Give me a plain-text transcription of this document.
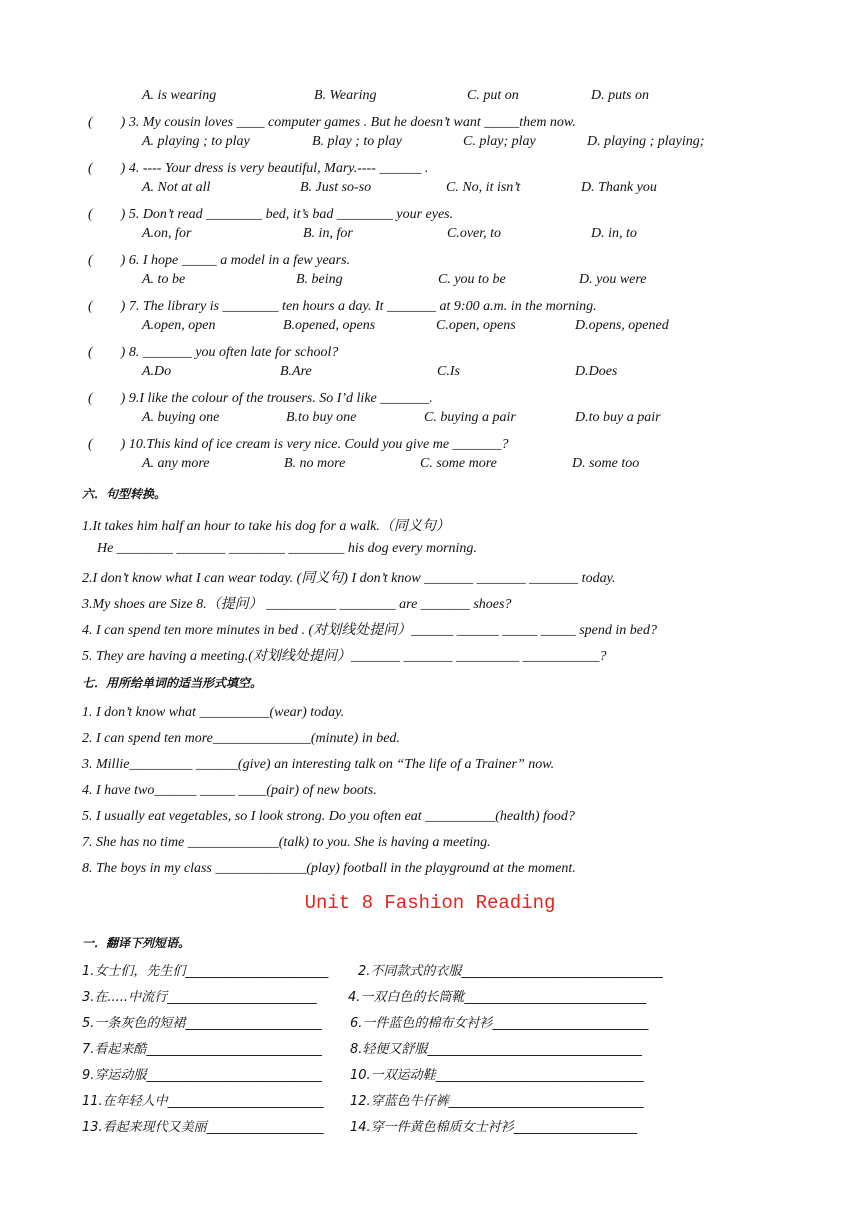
A. is wearing	B. Wearing	C. put on	D. puts on
(　　) 3. My cousin loves ____ computer games . But he doesn’t want _____them now.
A. playing ; to play	B. play ; to play	C. play; play	D. playing ; playing;
(　　) 4. ---- Your dress is very beautiful, Mary.---- ______ .
A. Not at all	B. Just so-so	C. No, it isn’t	D. Thank you
(　　) 5. Don’t read ________ bed, it’s bad ________ your eyes.
A.on, for	B. in, for	C.over, to	D. in, to
(　　) 6. I hope _____ a model in a few years.
A. to be	B. being	C. you to be	D. you were
(　　) 7. The library is ________ ten hours a day. It _______ at 9:00 a.m. in the morning.
A.open, open	B.opened, opens	C.open, opens	D.opens, opened
(　　) 8. _______ you often late for school?
A.Do	B.Are	C.Is	D.Does
(　　) 9.I like the colour of the trousers. So I’d like _______.
A. buying one	B.to buy one	C. buying a pair	D.to buy a pair
(　　) 10.This kind of ice cream is very nice. Could you give me _______?
A. any more	B. no more	C. some more	D. some too
六．句型转换。
1.It takes him half an hour to take his dog for a walk.（同义句）
He ________ _______ ________ ________ his dog every morning.
2.I don’t know what I can wear today. (同义句) I don’t know _______ _______ _______ today.
3.My shoes are Size 8.（提问） __________ ________ are _______ shoes?
4. I can spend ten more minutes in bed . (对划线处提问）______ ______ _____ _____ spend in bed?
5. They are having a meeting.(对划线处提问）_______ _______ _________ ___________?
七．用所给单词的适当形式填空。
1. I don’t know what __________(wear) today.
2. I can spend ten more______________(minute) in bed.
3. Millie_________ ______(give) an interesting talk on “The life of a Trainer” now.
4. I have two______ _____ ____(pair) of new boots.
5. I usually eat vegetables, so I look strong. Do you often eat __________(health) food?
7. She has no time _____________(talk) to you. She is having a meeting.
8. The boys in my class _____________(play) football in the playground at the moment.
Unit 8 Fashion Reading
一．翻译下列短语。
1.女士们，先生们______________________ 2.不同款式的衣服_______________________________
3.在.....中流行_______________________ 4.一双白色的长筒靴____________________________
5.一条灰色的短裙_____________________ 6.一件蓝色的棉布女衬衫________________________
7.看起来酷___________________________ 8.轻便又舒服_________________________________
9.穿运动服___________________________ 10.一双运动鞋________________________________
11.在年轻人中________________________ 12.穿蓝色牛仔裤______________________________
13.看起来现代又美丽__________________ 14.穿一件黄色棉质女士衬衫___________________
